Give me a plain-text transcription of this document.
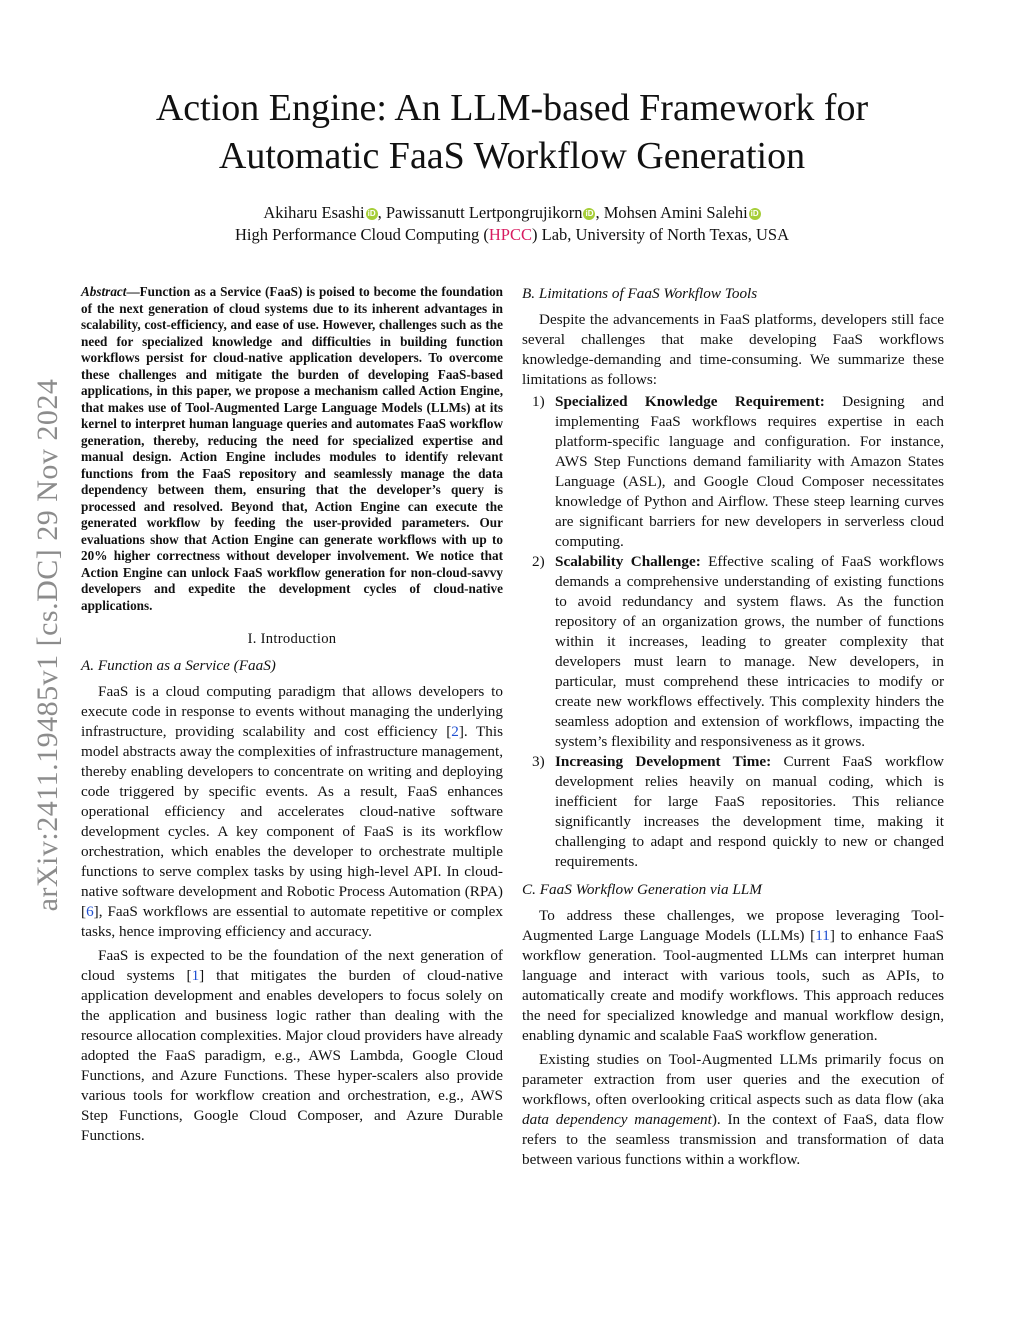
arXiv:2411.19485v1 [cs.DC] 29 Nov 2024
Action Engine: An LLM-based Framework for
Automatic FaaS Workflow Generation
Akiharu Esashi iD , Pawissanutt Lertpongrujikorn iD , Mohsen Amini Salehi iD
High Performance Cloud Computing (HPCC) Lab, University of North Texas, USA

Abstract—Function as a Service (FaaS) is poised to become the foundation of the next generation of cloud systems due to its inherent advantages in scalability, cost-efficiency, and ease of use. However, challenges such as the need for specialized knowledge and difficulties in building function workflows persist for cloud-native application developers. To overcome these challenges and mitigate the burden of developing FaaS-based applications, in this paper, we propose a mechanism called Action Engine, that makes use of Tool-Augmented Large Language Models (LLMs) at its kernel to interpret human language queries and automates FaaS workflow generation, thereby, reducing the need for specialized expertise and manual design. Action Engine includes modules to identify relevant functions from the FaaS repository and seamlessly manage the data dependency between them, ensuring that the developer’s query is processed and resolved. Beyond that, Action Engine can execute the generated workflow by feeding the user-provided parameters. Our evaluations show that Action Engine can generate workflows with up to 20% higher correctness without developer involvement. We notice that Action Engine can unlock FaaS workflow generation for non-cloud-savvy developers and expedite the development cycles of cloud-native applications.

I. Introduction
A. Function as a Service (FaaS)

FaaS is a cloud computing paradigm that allows developers to execute code in response to events without managing the underlying infrastructure, providing scalability and cost efficiency [2]. This model abstracts away the complexities of infrastructure management, thereby enabling developers to concentrate on writing and deploying code triggered by specific events. As a result, FaaS enhances operational efficiency and accelerates cloud-native software development cycles. A key component of FaaS is its workflow orchestration, which enables the developer to orchestrate multiple functions to serve complex tasks by using high-level API. In cloud-native software development and Robotic Process Automation (RPA) [6], FaaS workflows are essential to automate repetitive or complex tasks, hence improving efficiency and accuracy.

FaaS is expected to be the foundation of the next generation of cloud systems [1] that mitigates the burden of cloud-native application development and enables developers to focus solely on the application and business logic rather than dealing with the resource allocation complexities. Major cloud providers have already adopted the FaaS paradigm, e.g., AWS Lambda, Google Cloud Functions, and Azure Functions. These hyper-scalers also provide various tools for workflow creation and orchestration, e.g., AWS Step Functions, Google Cloud Composer, and Azure Durable Functions.

B. Limitations of FaaS Workflow Tools

Despite the advancements in FaaS platforms, developers still face several challenges that make developing FaaS workflows knowledge-demanding and time-consuming. We summarize these limitations as follows:

1) Specialized Knowledge Requirement: Designing and implementing FaaS workflows requires expertise in each platform-specific language and configuration. For instance, AWS Step Functions demand familiarity with Amazon States Language (ASL), and Google Cloud Composer necessitates knowledge of Python and Airflow. These steep learning curves are significant barriers for new developers in serverless cloud computing.
2) Scalability Challenge: Effective scaling of FaaS workflows demands a comprehensive understanding of existing functions to avoid redundancy and system flaws. As the function repository of an organization grows, the number of functions within it increases, leading to greater complexity that developers must learn to manage. New developers, in particular, must comprehend these intricacies to modify or create new workflows effectively. This complexity hinders the seamless adoption and extension of workflows, impacting the system’s flexibility and responsiveness as it grows.
3) Increasing Development Time: Current FaaS workflow development relies heavily on manual coding, which is inefficient for large FaaS repositories. This reliance significantly increases the development time, making it challenging to adapt and respond quickly to new or changed requirements.
C. FaaS Workflow Generation via LLM

To address these challenges, we propose leveraging Tool-Augmented Large Language Models (LLMs) [11] to enhance FaaS workflow generation. Tool-augmented LLMs can interpret human language and interact with various tools, such as APIs, to automatically create and modify workflows. This approach reduces the need for specialized knowledge and manual workflow design, enabling dynamic and scalable FaaS workflow generation.

Existing studies on Tool-Augmented LLMs primarily focus on parameter extraction from user queries and the execution of workflows, often overlooking critical aspects such as data flow (aka data dependency management). In the context of FaaS, data flow refers to the seamless transmission and transformation of data between various functions within a workflow.
